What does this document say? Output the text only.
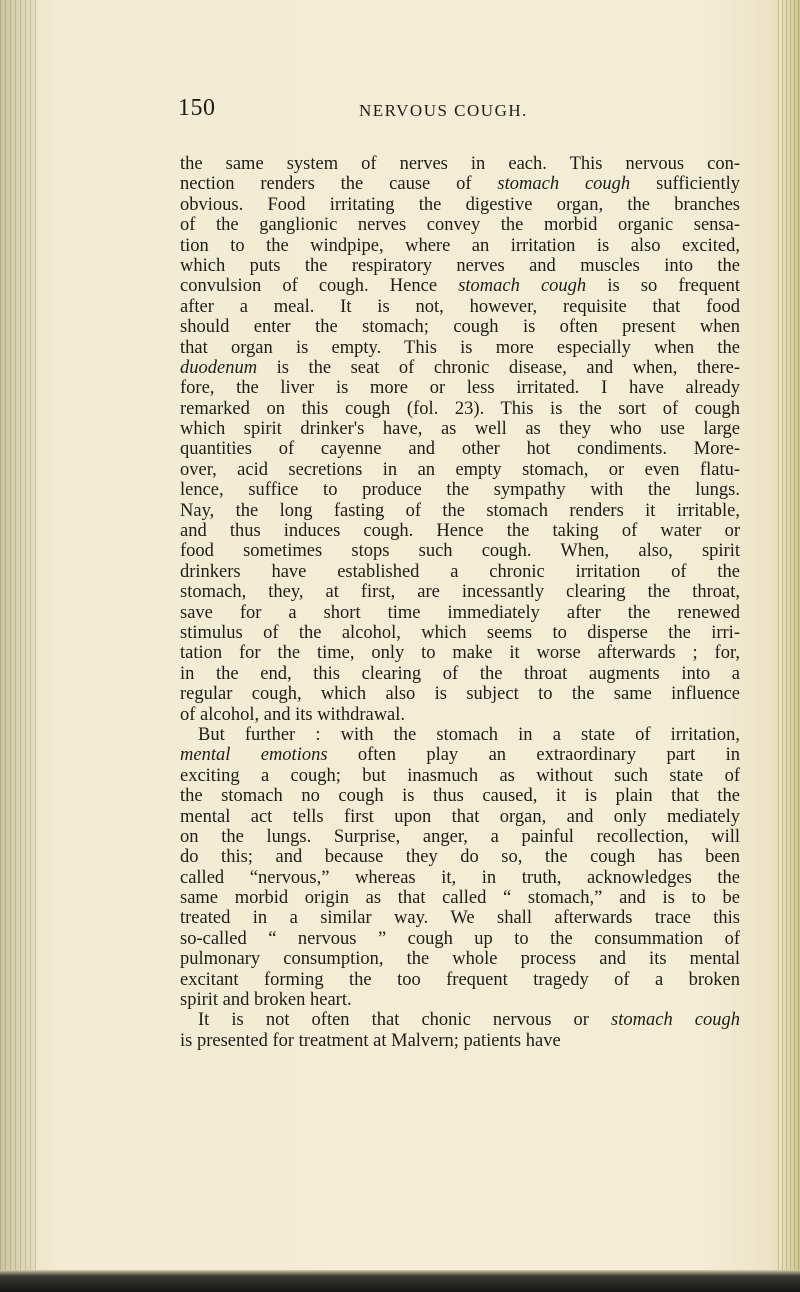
150	NERVOUS COUGH.
the same system of nerves in each. This nervous con-
nection renders the cause of stomach cough sufficiently
obvious. Food irritating the digestive organ, the branches
of the ganglionic nerves convey the morbid organic sensa-
tion to the windpipe, where an irritation is also excited,
which puts the respiratory nerves and muscles into the
convulsion of cough. Hence stomach cough is so frequent
after a meal. It is not, however, requisite that food
should enter the stomach; cough is often present when
that organ is empty. This is more especially when the
duodenum is the seat of chronic disease, and when, there-
fore, the liver is more or less irritated. I have already
remarked on this cough (fol. 23). This is the sort of cough
which spirit drinker's have, as well as they who use large
quantities of cayenne and other hot condiments. More-
over, acid secretions in an empty stomach, or even flatu-
lence, suffice to produce the sympathy with the lungs.
Nay, the long fasting of the stomach renders it irritable,
and thus induces cough. Hence the taking of water or
food sometimes stops such cough. When, also, spirit
drinkers have established a chronic irritation of the
stomach, they, at first, are incessantly clearing the throat,
save for a short time immediately after the renewed
stimulus of the alcohol, which seems to disperse the irri-
tation for the time, only to make it worse afterwards ; for,
in the end, this clearing of the throat augments into a
regular cough, which also is subject to the same influence
of alcohol, and its withdrawal.
But further : with the stomach in a state of irritation,
mental emotions often play an extraordinary part in
exciting a cough; but inasmuch as without such state of
the stomach no cough is thus caused, it is plain that the
mental act tells first upon that organ, and only mediately
on the lungs. Surprise, anger, a painful recollection, will
do this; and because they do so, the cough has been
called “nervous,” whereas it, in truth, acknowledges the
same morbid origin as that called “ stomach,” and is to be
treated in a similar way. We shall afterwards trace this
so-called “ nervous ” cough up to the consummation of
pulmonary consumption, the whole process and its mental
excitant forming the too frequent tragedy of a broken
spirit and broken heart.
It is not often that chonic nervous or stomach cough
is presented for treatment at Malvern; patients have
